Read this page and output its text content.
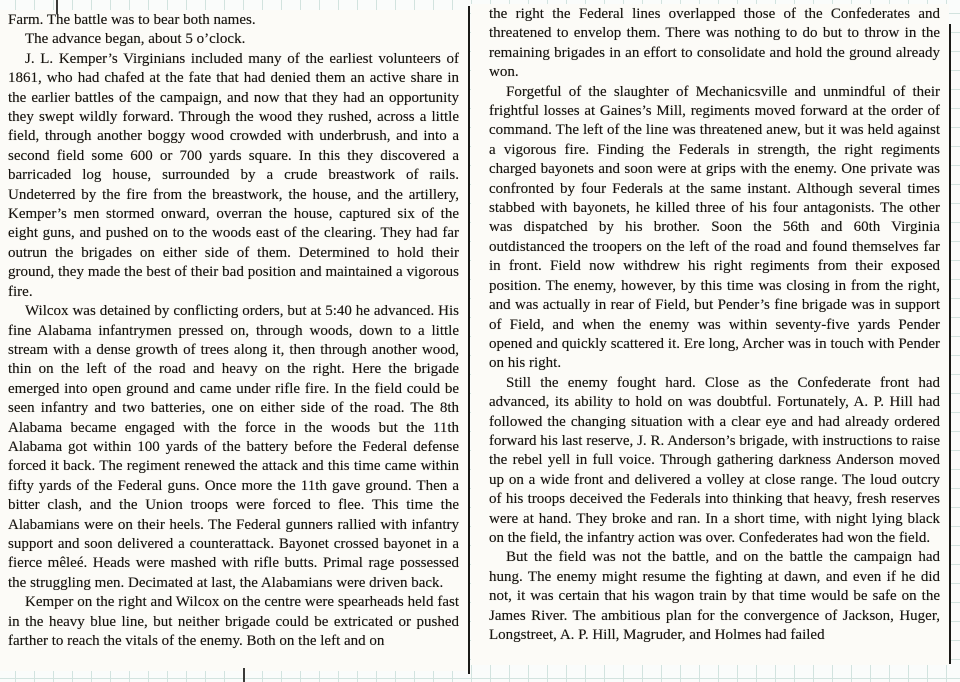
Farm. The battle was to bear both names.

The advance began, about 5 o’clock.

J. L. Kemper’s Virginians included many of the earliest volunteers of 1861, who had chafed at the fate that had denied them an active share in the earlier battles of the campaign, and now that they had an opportunity they swept wildly forward. Through the wood they rushed, across a little field, through another boggy wood crowded with underbrush, and into a second field some 600 or 700 yards square. In this they discovered a barricaded log house, surrounded by a crude breastwork of rails. Undeterred by the fire from the breastwork, the house, and the artillery, Kemper’s men stormed onward, overran the house, captured six of the eight guns, and pushed on to the woods east of the clearing. They had far outrun the brigades on either side of them. Determined to hold their ground, they made the best of their bad position and maintained a vigorous fire.

Wilcox was detained by conflicting orders, but at 5:40 he advanced. His fine Alabama infantrymen pressed on, through woods, down to a little stream with a dense growth of trees along it, then through another wood, thin on the left of the road and heavy on the right. Here the brigade emerged into open ground and came under rifle fire. In the field could be seen infantry and two batteries, one on either side of the road. The 8th Alabama became engaged with the force in the woods but the 11th Alabama got within 100 yards of the battery before the Federal defense forced it back. The regiment renewed the attack and this time came within fifty yards of the Federal guns. Once more the 11th gave ground. Then a bitter clash, and the Union troops were forced to flee. This time the Alabamians were on their heels. The Federal gunners rallied with infantry support and soon delivered a counterattack. Bayonet crossed bayonet in a fierce mêleé. Heads were mashed with rifle butts. Primal rage possessed the struggling men. Decimated at last, the Alabamians were driven back.

Kemper on the right and Wilcox on the centre were spearheads held fast in the heavy blue line, but neither brigade could be extricated or pushed farther to reach the vitals of the enemy. Both on the left and on

the right the Federal lines overlapped those of the Confederates and threatened to envelop them. There was nothing to do but to throw in the remaining brigades in an effort to consolidate and hold the ground already won.

Forgetful of the slaughter of Mechanicsville and unmindful of their frightful losses at Gaines’s Mill, regiments moved forward at the order of command. The left of the line was threatened anew, but it was held against a vigorous fire. Finding the Federals in strength, the right regiments charged bayonets and soon were at grips with the enemy. One private was confronted by four Federals at the same instant. Although several times stabbed with bayonets, he killed three of his four antagonists. The other was dispatched by his brother. Soon the 56th and 60th Virginia outdistanced the troopers on the left of the road and found themselves far in front. Field now withdrew his right regiments from their exposed position. The enemy, however, by this time was closing in from the right, and was actually in rear of Field, but Pender’s fine brigade was in support of Field, and when the enemy was within seventy-five yards Pender opened and quickly scattered it. Ere long, Archer was in touch with Pender on his right.

Still the enemy fought hard. Close as the Confederate front had advanced, its ability to hold on was doubtful. Fortunately, A. P. Hill had followed the changing situation with a clear eye and had already ordered forward his last reserve, J. R. Anderson’s brigade, with instructions to raise the rebel yell in full voice. Through gathering darkness Anderson moved up on a wide front and delivered a volley at close range. The loud outcry of his troops deceived the Federals into thinking that heavy, fresh reserves were at hand. They broke and ran. In a short time, with night lying black on the field, the infantry action was over. Confederates had won the field.

But the field was not the battle, and on the battle the campaign had hung. The enemy might resume the fighting at dawn, and even if he did not, it was certain that his wagon train by that time would be safe on the James River. The ambitious plan for the convergence of Jackson, Huger, Longstreet, A. P. Hill, Magruder, and Holmes had failed
